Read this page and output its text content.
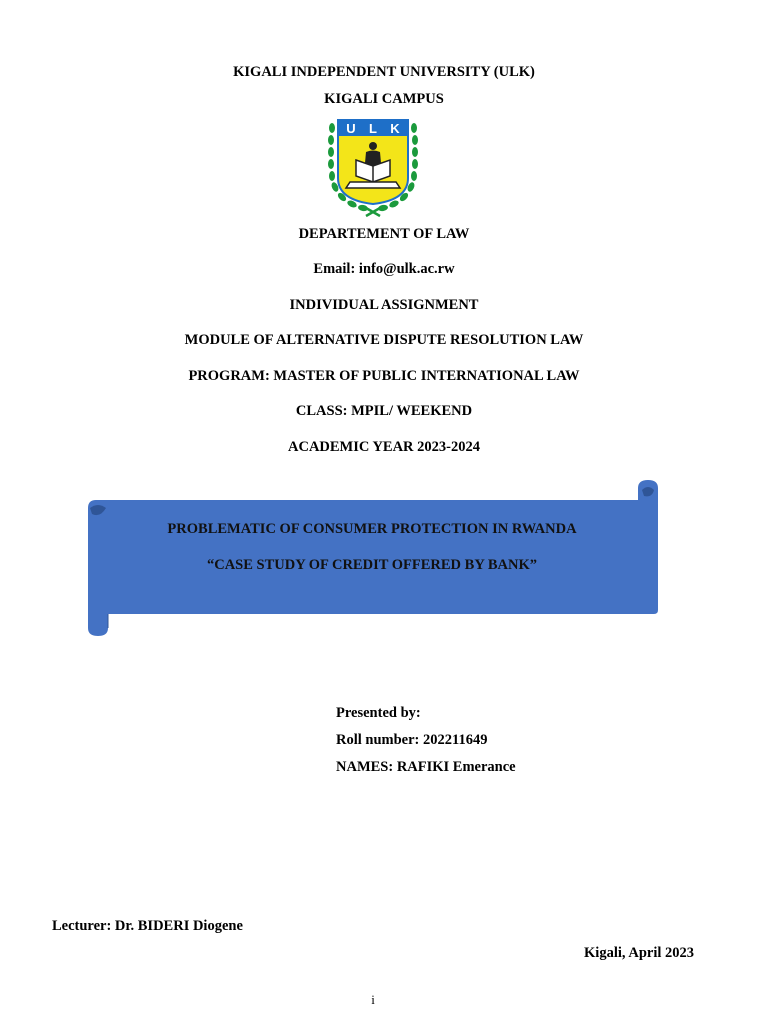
KIGALI INDEPENDENT UNIVERSITY (ULK)
KIGALI CAMPUS
U L K
DEPARTEMENT OF LAW
Email: info@ulk.ac.rw
INDIVIDUAL ASSIGNMENT
MODULE OF ALTERNATIVE DISPUTE RESOLUTION LAW
PROGRAM: MASTER OF PUBLIC INTERNATIONAL LAW
CLASS: MPIL/ WEEKEND
ACADEMIC YEAR 2023-2024
PROBLEMATIC OF CONSUMER PROTECTION IN RWANDA
“CASE STUDY OF CREDIT OFFERED BY BANK”
Presented by:
Roll number: 202211649
NAMES: RAFIKI Emerance
Lecturer: Dr. BIDERI Diogene
Kigali, April 2023
i
